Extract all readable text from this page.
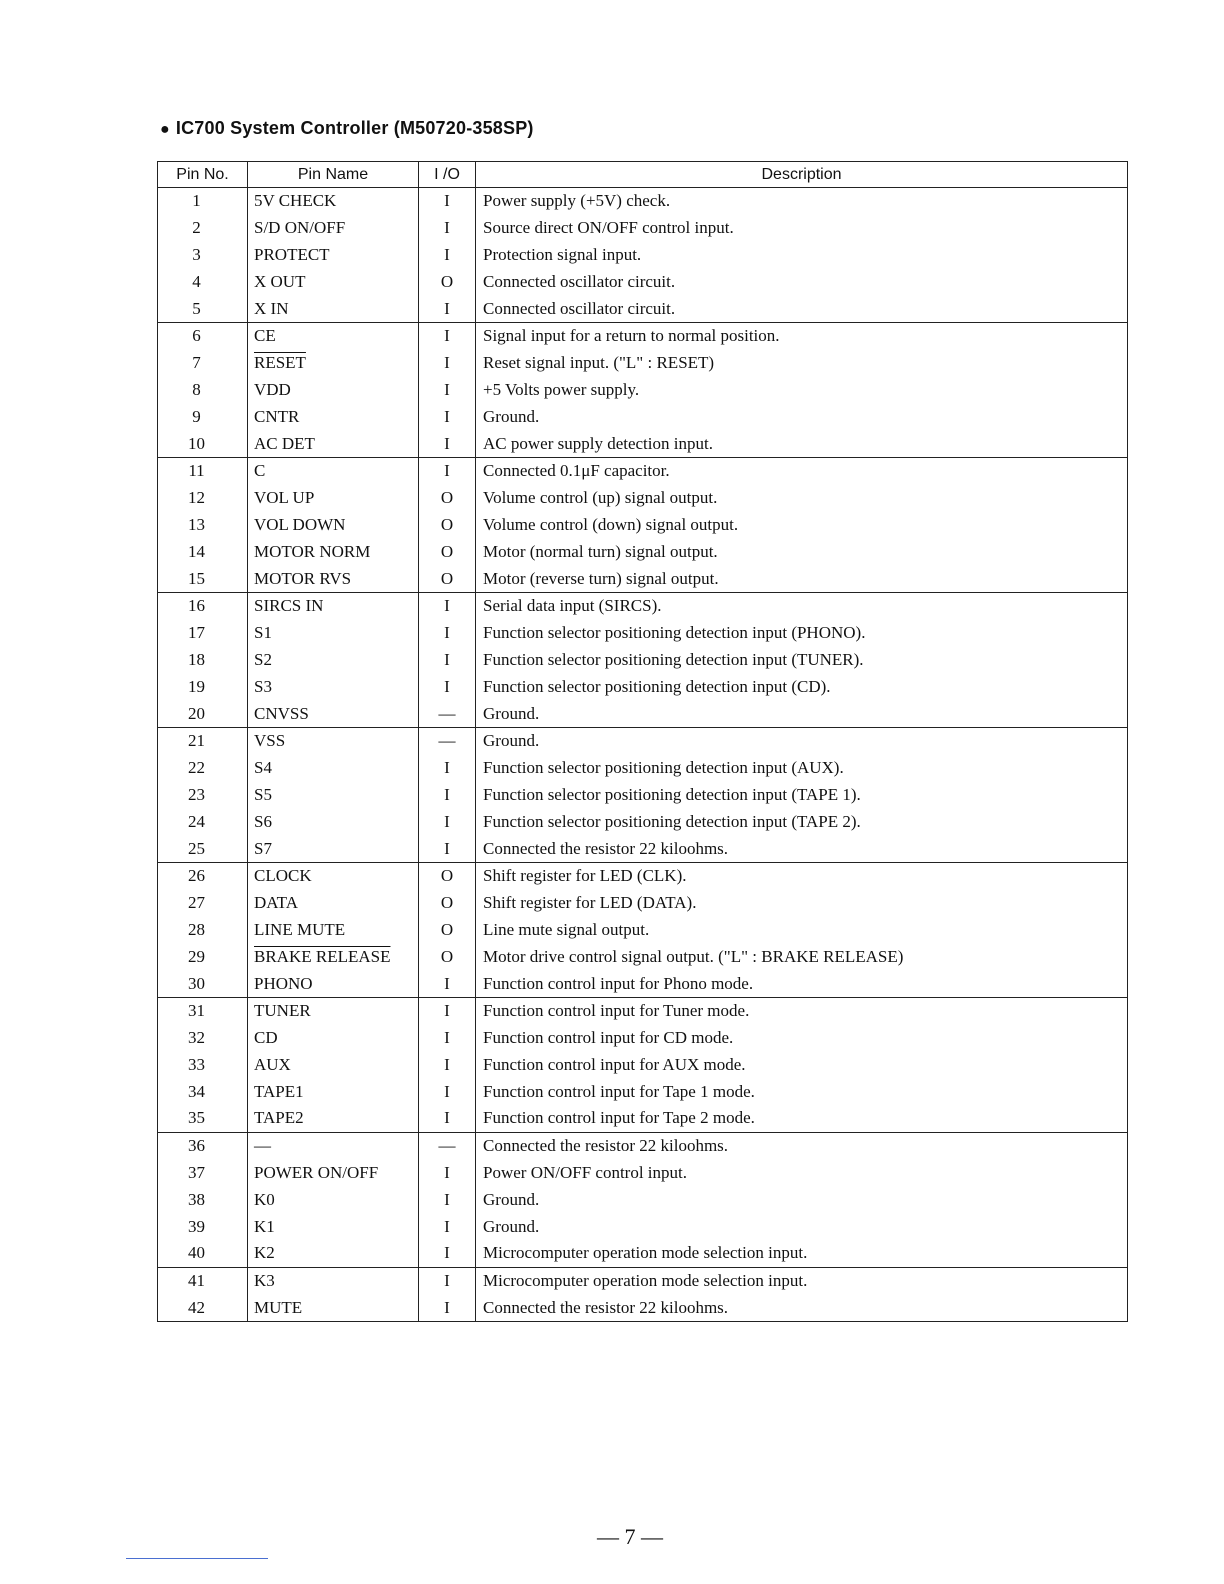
● IC700 System Controller (M50720-358SP)
Pin No.	Pin Name	I /O	Description
1	5V CHECK	I	Power supply (+5V) check.
2	S/D ON/OFF	I	Source direct ON/OFF control input.
3	PROTECT	I	Protection signal input.
4	X OUT	O	Connected oscillator circuit.
5	X IN	I	Connected oscillator circuit.
6	CE	I	Signal input for a return to normal position.
7	RESET	I	Reset signal input. ("L" : RESET)
8	VDD	I	+5 Volts power supply.
9	CNTR	I	Ground.
10	AC DET	I	AC power supply detection input.
11	C	I	Connected 0.1μF capacitor.
12	VOL UP	O	Volume control (up) signal output.
13	VOL DOWN	O	Volume control (down) signal output.
14	MOTOR NORM	O	Motor (normal turn) signal output.
15	MOTOR RVS	O	Motor (reverse turn) signal output.
16	SIRCS IN	I	Serial data input (SIRCS).
17	S1	I	Function selector positioning detection input (PHONO).
18	S2	I	Function selector positioning detection input (TUNER).
19	S3	I	Function selector positioning detection input (CD).
20	CNVSS	—	Ground.
21	VSS	—	Ground.
22	S4	I	Function selector positioning detection input (AUX).
23	S5	I	Function selector positioning detection input (TAPE 1).
24	S6	I	Function selector positioning detection input (TAPE 2).
25	S7	I	Connected the resistor 22 kiloohms.
26	CLOCK	O	Shift register for LED (CLK).
27	DATA	O	Shift register for LED (DATA).
28	LINE MUTE	O	Line mute signal output.
29	BRAKE RELEASE	O	Motor drive control signal output. ("L" : BRAKE RELEASE)
30	PHONO	I	Function control input for Phono mode.
31	TUNER	I	Function control input for Tuner mode.
32	CD	I	Function control input for CD mode.
33	AUX	I	Function control input for AUX mode.
34	TAPE1	I	Function control input for Tape 1 mode.
35	TAPE2	I	Function control input for Tape 2 mode.
36	—	—	Connected the resistor 22 kiloohms.
37	POWER ON/OFF	I	Power ON/OFF control input.
38	K0	I	Ground.
39	K1	I	Ground.
40	K2	I	Microcomputer operation mode selection input.
41	K3	I	Microcomputer operation mode selection input.
42	MUTE	I	Connected the resistor 22 kiloohms.
— 7 —
